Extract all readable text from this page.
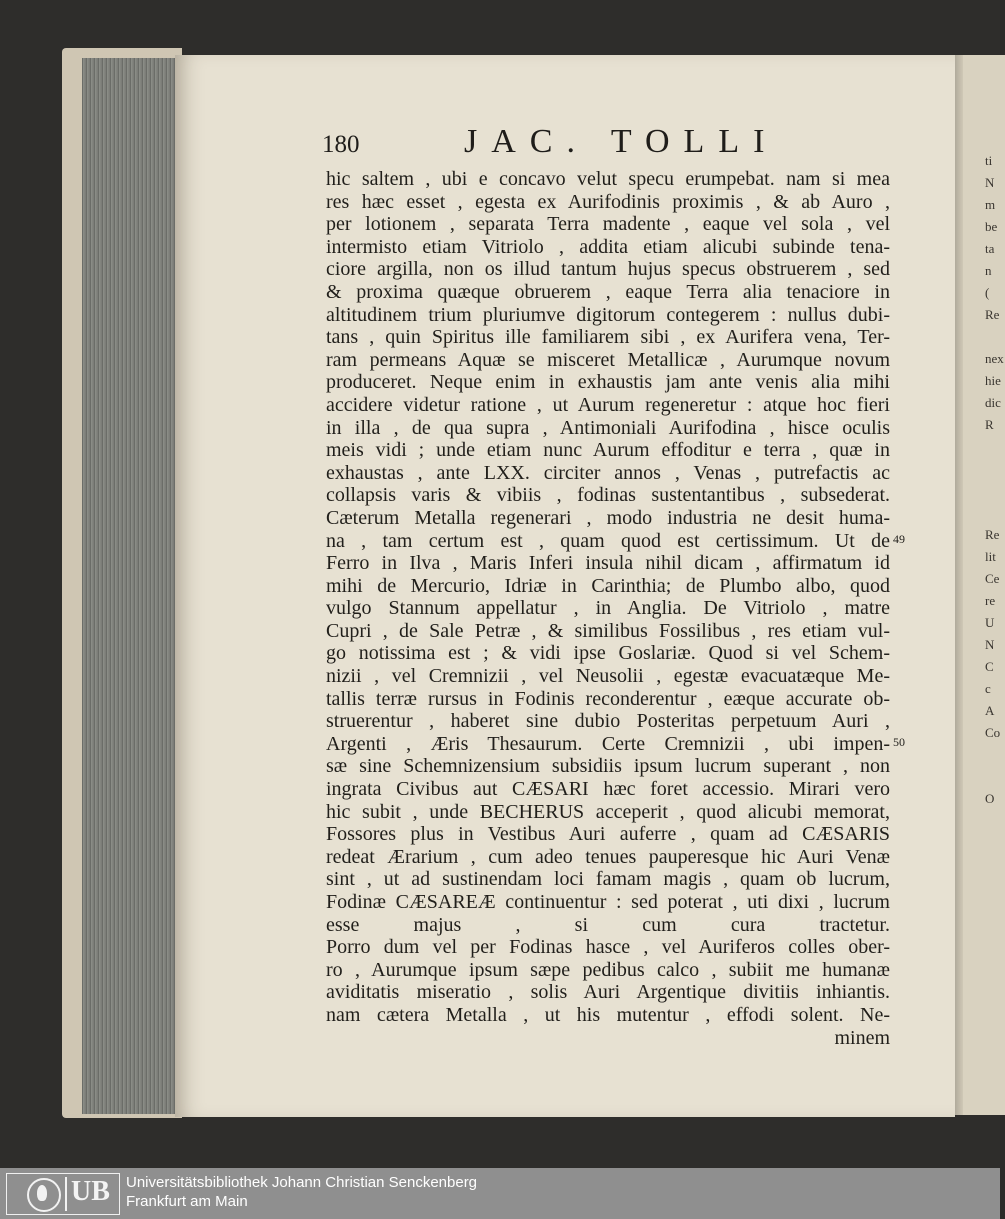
ti
N
m
be
ta
n
(
Re

nex
hie
dic
R

Re
lit
Ce
re
U
N
C
c
A
Co

O

180	JAC. TOLLI
hic saltem , ubi e concavo velut specu erumpebat. nam si mea
res hæc esset , egesta ex Aurifodinis proximis , & ab Auro ,
per lotionem , separata Terra madente , eaque vel sola , vel
intermisto etiam Vitriolo , addita etiam alicubi subinde tena-
ciore argilla, non os illud tantum hujus specus obstruerem , sed
& proxima quæque obruerem , eaque Terra alia tenaciore in
altitudinem trium pluriumve digitorum contegerem : nullus dubi-
tans , quin Spiritus ille familiarem sibi , ex Aurifera vena, Ter-
ram permeans Aquæ se misceret Metallicæ , Aurumque novum
produceret. Neque enim in exhaustis jam ante venis alia mihi
accidere videtur ratione , ut Aurum regeneretur : atque hoc fieri
in illa , de qua supra , Antimoniali Aurifodina , hisce oculis
meis vidi ; unde etiam nunc Aurum effoditur e terra , quæ in
exhaustas , ante LXX. circiter annos , Venas , putrefactis ac
collapsis varis & vibiis , fodinas sustentantibus , subsederat.
Cæterum Metalla regenerari , modo industria ne desit huma-
na , tam certum est , quam quod est certissimum. Ut de
Ferro in Ilva , Maris Inferi insula nihil dicam , affirmatum id
mihi de Mercurio, Idriæ in Carinthia; de Plumbo albo, quod
vulgo Stannum appellatur , in Anglia. De Vitriolo , matre
Cupri , de Sale Petræ , & similibus Fossilibus , res etiam vul-
go notissima est ; & vidi ipse Goslariæ. Quod si vel Schem-
nizii , vel Cremnizii , vel Neusolii , egestæ evacuatæque Me-
tallis terræ rursus in Fodinis reconderentur , eæque accurate ob-
struerentur , haberet sine dubio Posteritas perpetuum Auri ,
Argenti , Æris Thesaurum. Certe Cremnizii , ubi impen-
sæ sine Schemnizensium subsidiis ipsum lucrum superant , non
ingrata Civibus aut CÆSARI hæc foret accessio. Mirari vero
hic subit , unde BECHERUS acceperit , quod alicubi memorat,
Fossores plus in Vestibus Auri auferre , quam ad CÆSARIS
redeat Ærarium , cum adeo tenues pauperesque hic Auri Venæ
sint , ut ad sustinendam loci famam magis , quam ob lucrum,
Fodinæ CÆSAREÆ continuentur : sed poterat , uti dixi , lucrum
esse majus , si cum cura tractetur.
Porro dum vel per Fodinas hasce , vel Auriferos colles ober-
ro , Aurumque ipsum sæpe pedibus calco , subiit me humanæ
aviditatis miseratio , solis Auri Argentique divitiis inhiantis.
nam cætera Metalla , ut his mutentur , effodi solent. Ne-
minem
49
50
UB Universitätsbibliothek Johann Christian Senckenberg
Frankfurt am Main
